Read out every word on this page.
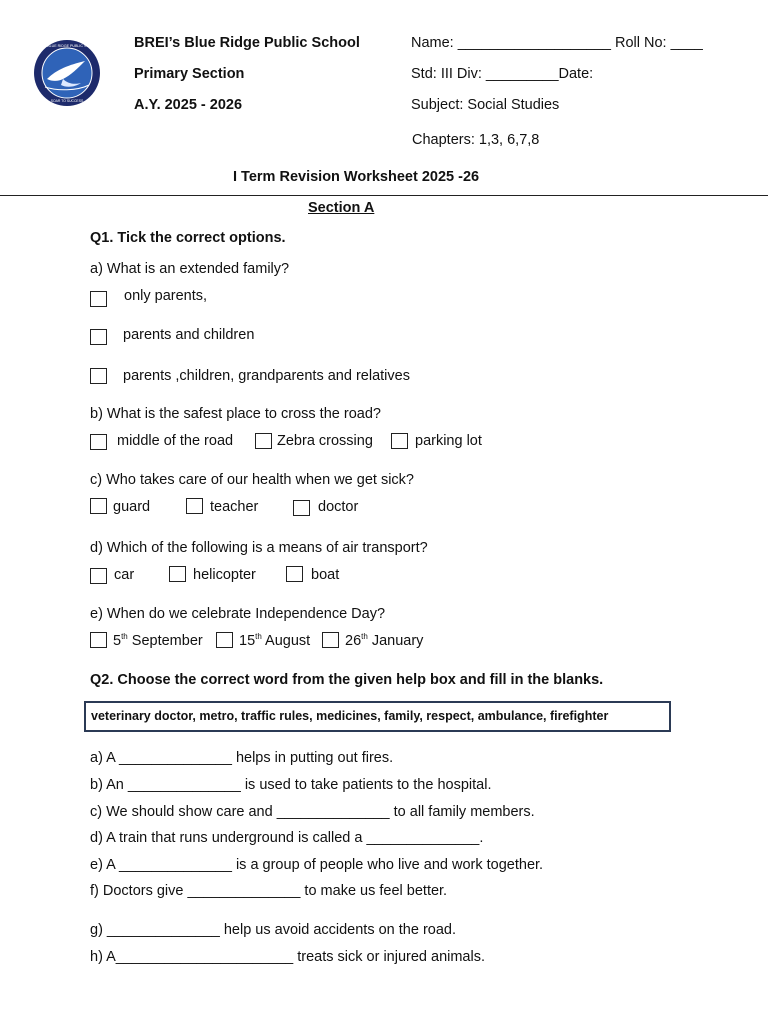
BREI'S BLUE RIDGE PUBLIC SCHOOL
SOAR TO SUCCESS
BREI’s Blue Ridge Public School
Primary Section
A.Y. 2025 - 2026
Name: ___________________ Roll No: ____
Std: III Div: _________Date:
Subject: Social Studies
Chapters: 1,3, 6,7,8
I Term Revision Worksheet 2025 -26
Section A
Q1. Tick the correct options.
a) What is an extended family?
only parents,
parents and children
parents ,children, grandparents and relatives
b) What is the safest place to cross the road?
middle of the road	Zebra crossing	parking lot
c) Who takes care of our health when we get sick?
guard	teacher	doctor
d) Which of the following is a means of air transport?
car	helicopter	boat
e) When do we celebrate Independence Day?
5th September	15th August 26th January
Q2. Choose the correct word from the given help box and fill in the blanks.
veterinary doctor, metro, traffic rules, medicines, family, respect, ambulance, firefighter
a) A ______________ helps in putting out fires.
b) An ______________ is used to take patients to the hospital.
c) We should show care and ______________ to all family members.
d) A train that runs underground is called a ______________.
e) A ______________ is a group of people who live and work together.
f) Doctors give ______________ to make us feel better.
g) ______________ help us avoid accidents on the road.
h) A______________________ treats sick or injured animals.
